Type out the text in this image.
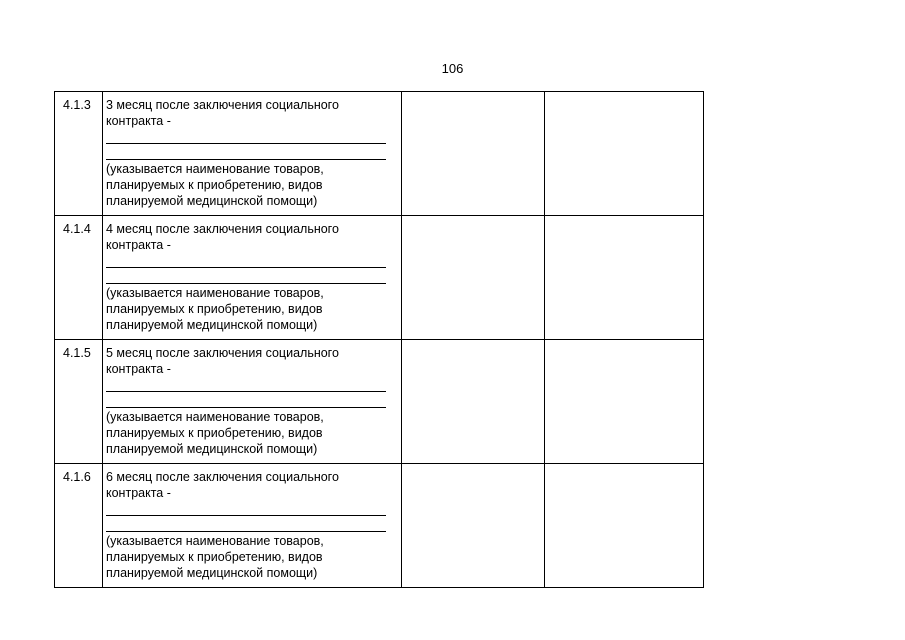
106
4.1.3	3 месяц после заключения социального контракта -
(указывается наименование товаров, планируемых к приобретению, видов планируемой медицинской помощи)		

4.1.4	4 месяц после заключения социального контракта -
(указывается наименование товаров, планируемых к приобретению, видов планируемой медицинской помощи)		

4.1.5	5 месяц после заключения социального контракта -
(указывается наименование товаров, планируемых к приобретению, видов планируемой медицинской помощи)		

4.1.6	6 месяц после заключения социального контракта -
(указывается наименование товаров, планируемых к приобретению, видов планируемой медицинской помощи)		
